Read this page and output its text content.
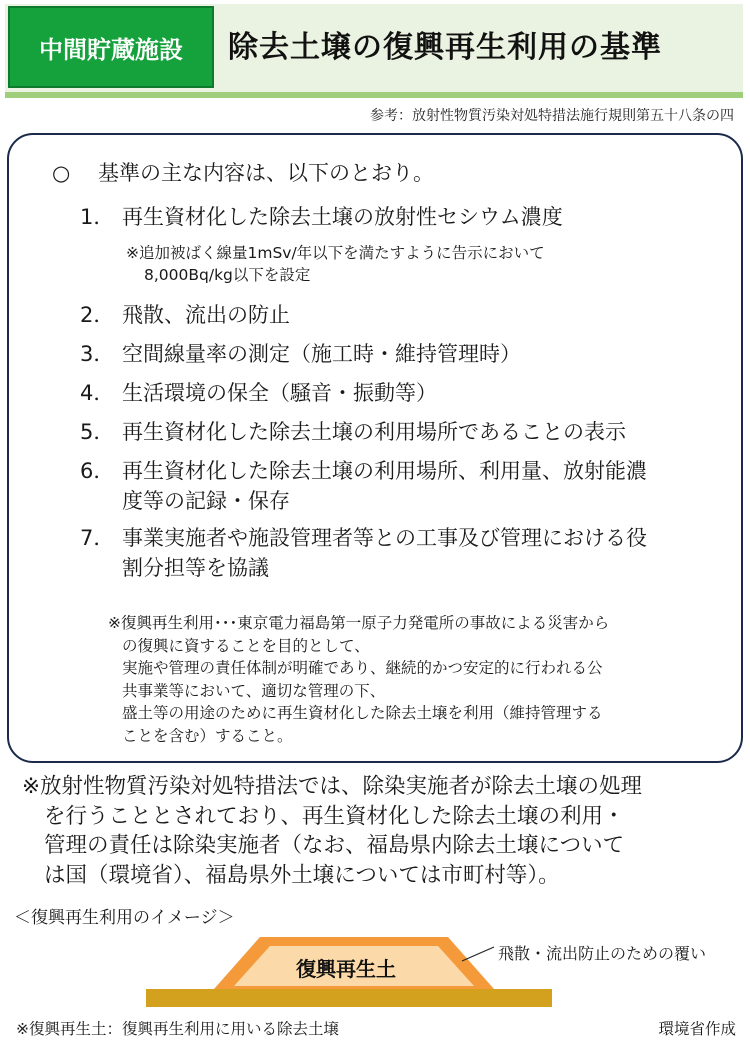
中間貯蔵施設	除去土壌の復興再生利用の基準
参考：放射性物質汚染対処特措法施行規則第五十八条の四
○ 基準の主な内容は、以下のとおり。
1． 再生資材化した除去土壌の放射性セシウム濃度
※追加被ばく線量1mSv/年以下を満たすように告示において
8,000Bq/kg以下を設定
2． 飛散、流出の防止
3． 空間線量率の測定（施工時・維持管理時）
4． 生活環境の保全（騒音・振動等）
5． 再生資材化した除去土壌の利用場所であることの表示
6． 再生資材化した除去土壌の利用場所、利用量、放射能濃
度等の記録・保存
7． 事業実施者や施設管理者等との工事及び管理における役
割分担等を協議
※復興再生利用･･･東京電力福島第一原子力発電所の事故による災害から
の復興に資することを目的として、
実施や管理の責任体制が明確であり、継続的かつ安定的に行われる公
共事業等において、適切な管理の下、
盛土等の用途のために再生資材化した除去土壌を利用（維持管理する
ことを含む）すること。
※放射性物質汚染対処特措法では、除染実施者が除去土壌の処理
を行うこととされており、再生資材化した除去土壌の利用・
管理の責任は除染実施者（なお、福島県内除去土壌について
は国（環境省）、福島県外土壌については市町村等）。
＜復興再生利用のイメージ＞
復興再生土
飛散・流出防止のための覆い
※復興再生土：復興再生利用に用いる除去土壌	環境省作成
